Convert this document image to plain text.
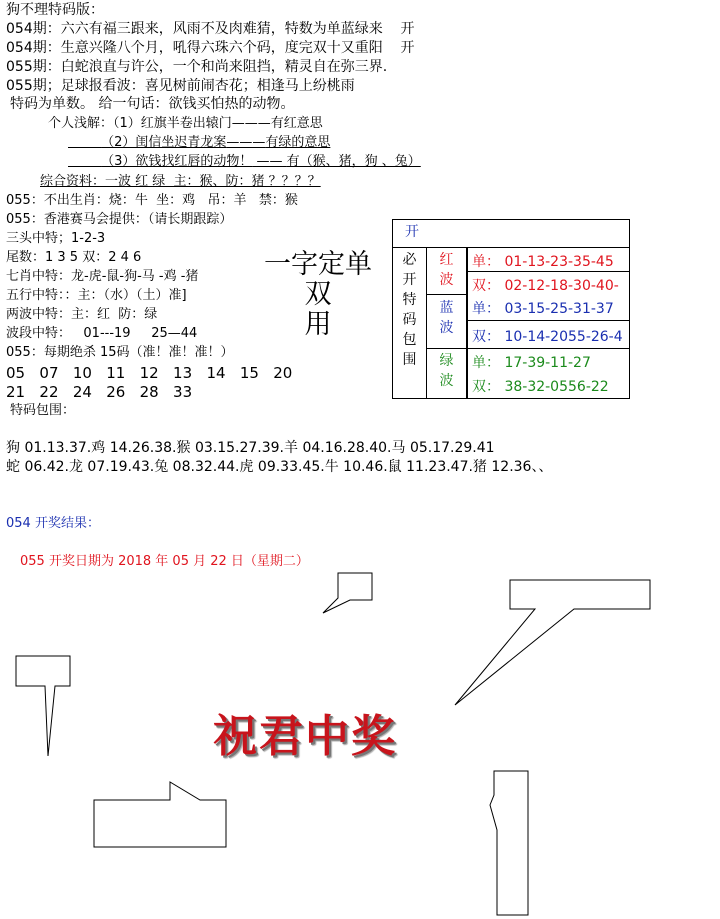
狗不理特码版：
054期：六六有福三跟来，风雨不及肉难猜，特数为单蓝绿来 开
054期：生意兴隆八个月，吼得六珠六个码，度完双十又重阳 开
055期：白蛇浪直与许公，一个和尚来阻挡，精灵自在弥三界.
055期；足球报看波：喜见树前闹杏花；相逢马上纷桃雨
特码为单数。 给一句话：欲钱买怕热的动物。
个人浅解：（1）红旗半卷出辕门———有红意思
（2）闺信坐迟青龙案———有绿的意思
（3）欲钱找红唇的动物！ —— 有（猴、猪，狗 、兔）
综合资料：一波 红 绿  主：猴、防：猪 ？？？？
055：不出生肖：烧：牛  坐：鸡   吊：羊   禁：猴
055：香港赛马会提供：（请长期跟踪）
三头中特；1-2-3
尾数：1 3 5 双：2 4 6
七肖中特：龙-虎-鼠-狗-马 -鸡 -猪
五行中特：：主：（水）（土）准]
两波中特：主：红  防：绿
波段中特：   01---19     25—44
055：每期绝杀 15码（准！准！准！）
05 07 10 11 12 13 14 15 20
21 22 24 26 28 33
特码包围：
狗 01.13.37.鸡 14.26.38.猴 03.15.27.39.羊 04.16.28.40.马 05.17.29.41
蛇 06.42.龙 07.19.43.兔 08.32.44.虎 09.33.45.牛 10.46.鼠 11.23.47.猪 12.36、、
一字定单双
用
开
必
开
特
码
包
围
红
波
蓝
波
绿
波
单： 01-13-23-35-45
双： 02-12-18-30-40-
单： 03-15-25-31-37
双： 10-14-2055-26-4
单： 17-39-11-27
双： 38-32-0556-22
054 开奖结果：
055 开奖日期为 2018 年 05 月 22 日（星期二）
祝君中奖
